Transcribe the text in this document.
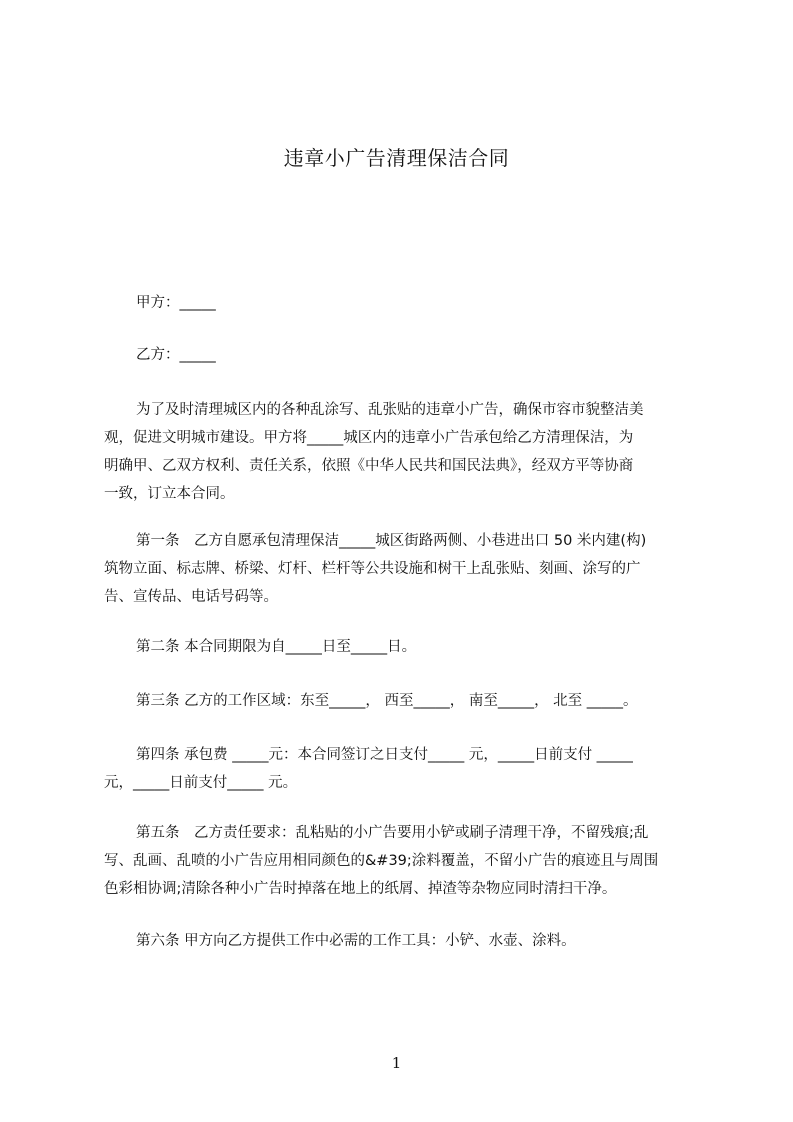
违章小广告清理保洁合同
甲方：_____
乙方：_____
为了及时清理城区内的各种乱涂写、乱张贴的违章小广告，确保市容市貌整洁美
观，促进文明城市建设。甲方将_____城区内的违章小广告承包给乙方清理保洁，为
明确甲、乙双方权利、责任关系，依照《中华人民共和国民法典》，经双方平等协商
一致，订立本合同。
第一条　乙方自愿承包清理保洁_____城区街路两侧、小巷进出口 50 米内建(构)
筑物立面、标志牌、桥梁、灯杆、栏杆等公共设施和树干上乱张贴、刻画、涂写的广
告、宣传品、电话号码等。
第二条 本合同期限为自_____日至_____日。
第三条 乙方的工作区域：东至_____， 西至_____， 南至_____， 北至 _____。
第四条 承包费 _____元：本合同签订之日支付_____ 元，_____日前支付 _____
元，_____日前支付_____ 元。
第五条　乙方责任要求：乱粘贴的小广告要用小铲或刷子清理干净，不留残痕;乱
写、乱画、乱喷的小广告应用相同颜色的&#39;涂料覆盖，不留小广告的痕迹且与周围
色彩相协调;清除各种小广告时掉落在地上的纸屑、掉渣等杂物应同时清扫干净。
第六条 甲方向乙方提供工作中必需的工作工具：小铲、水壶、涂料。
1
